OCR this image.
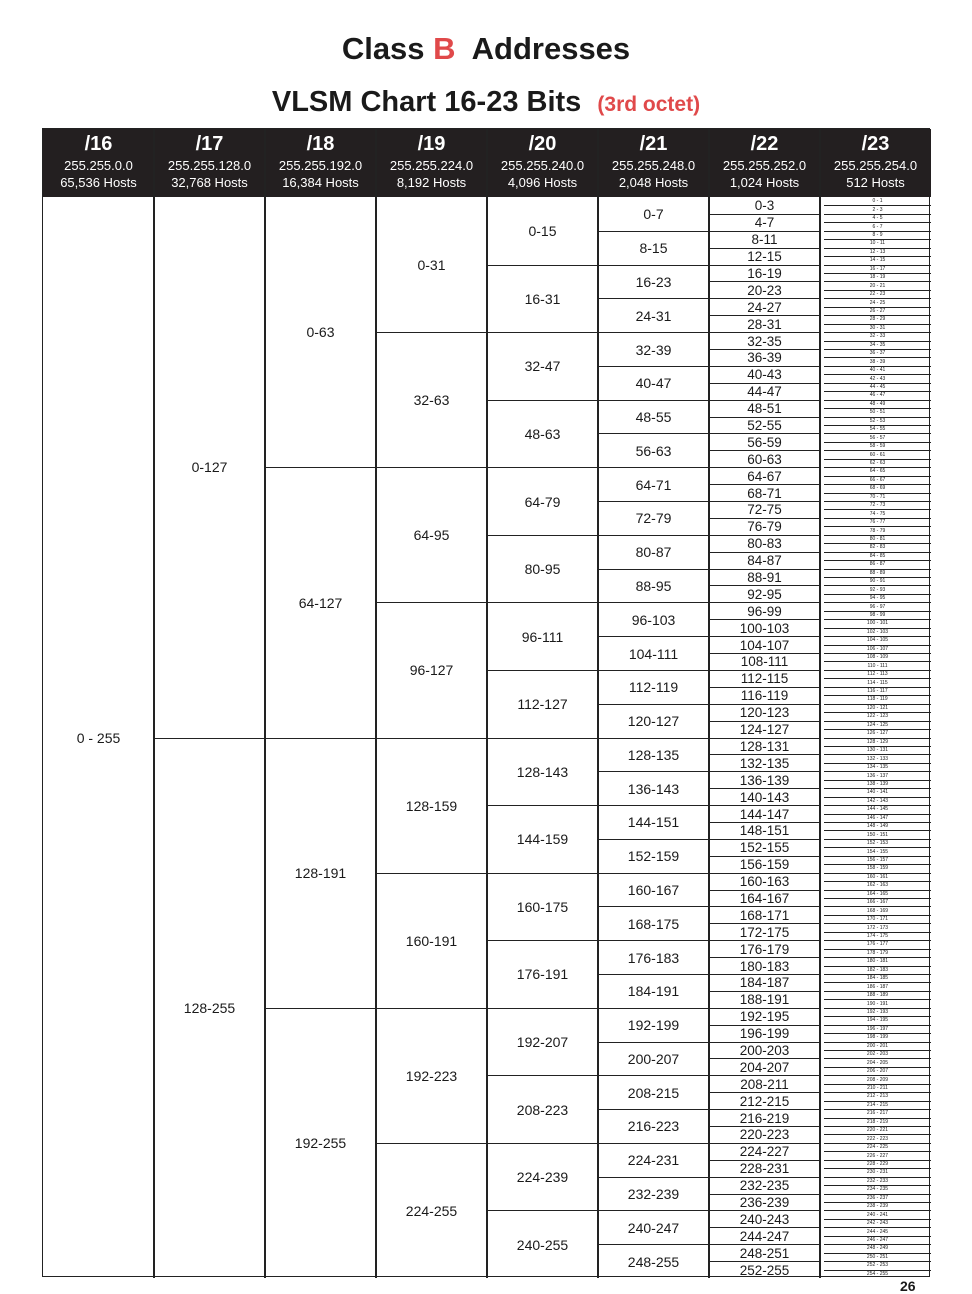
Class B Addresses
VLSM Chart 16-23 Bits (3rd octet)
/16
255.255.0.0
65,536 Hosts
/17
255.255.128.0
32,768 Hosts
/18
255.255.192.0
16,384 Hosts
/19
255.255.224.0
8,192 Hosts
/20
255.255.240.0
4,096 Hosts
/21
255.255.248.0
2,048 Hosts
/22
255.255.252.0
1,024 Hosts
/23
255.255.254.0
512 Hosts
0 - 255
0-127
128-255
0-63
64-127
128-191
192-255
0-31
32-63
64-95
96-127
128-159
160-191
192-223
224-255
0-15
16-31
32-47
48-63
64-79
80-95
96-111
112-127
128-143
144-159
160-175
176-191
192-207
208-223
224-239
240-255
0-7
8-15
16-23
24-31
32-39
40-47
48-55
56-63
64-71
72-79
80-87
88-95
96-103
104-111
112-119
120-127
128-135
136-143
144-151
152-159
160-167
168-175
176-183
184-191
192-199
200-207
208-215
216-223
224-231
232-239
240-247
248-255
0-3
4-7
8-11
12-15
16-19
20-23
24-27
28-31
32-35
36-39
40-43
44-47
48-51
52-55
56-59
60-63
64-67
68-71
72-75
76-79
80-83
84-87
88-91
92-95
96-99
100-103
104-107
108-111
112-115
116-119
120-123
124-127
128-131
132-135
136-139
140-143
144-147
148-151
152-155
156-159
160-163
164-167
168-171
172-175
176-179
180-183
184-187
188-191
192-195
196-199
200-203
204-207
208-211
212-215
216-219
220-223
224-227
228-231
232-235
236-239
240-243
244-247
248-251
252-255
0 - 1
2 - 3
4 - 5
6 - 7
8 - 9
10 - 11
12 - 13
14 - 15
16 - 17
18 - 19
20 - 21
22 - 23
24 - 25
26 - 27
28 - 29
30 - 31
32 - 33
34 - 35
36 - 37
38 - 39
40 - 41
42 - 43
44 - 45
46 - 47
48 - 49
50 - 51
52 - 53
54 - 55
56 - 57
58 - 59
60 - 61
62 - 63
64 - 65
66 - 67
68 - 69
70 - 71
72 - 73
74 - 75
76 - 77
78 - 79
80 - 81
82 - 83
84 - 85
86 - 87
88 - 89
90 - 91
92 - 93
94 - 95
96 - 97
98 - 99
100 - 101
102 - 103
104 - 105
106 - 107
108 - 109
110 - 111
112 - 113
114 - 115
116 - 117
118 - 119
120 - 121
122 - 123
124 - 125
126 - 127
128 - 129
130 - 131
132 - 133
134 - 135
136 - 137
138 - 139
140 - 141
142 - 143
144 - 145
146 - 147
148 - 149
150 - 151
152 - 153
154 - 155
156 - 157
158 - 159
160 - 161
162 - 163
164 - 165
166 - 167
168 - 169
170 - 171
172 - 173
174 - 175
176 - 177
178 - 179
180 - 181
182 - 183
184 - 185
186 - 187
188 - 189
190 - 191
192 - 193
194 - 195
196 - 197
198 - 199
200 - 201
202 - 203
204 - 205
206 - 207
208 - 209
210 - 211
212 - 213
214 - 215
216 - 217
218 - 219
220 - 221
222 - 223
224 - 225
226 - 227
228 - 229
230 - 231
232 - 233
234 - 235
236 - 237
238 - 239
240 - 241
242 - 243
244 - 245
246 - 247
248 - 249
250 - 251
252 - 253
254 - 255
26
